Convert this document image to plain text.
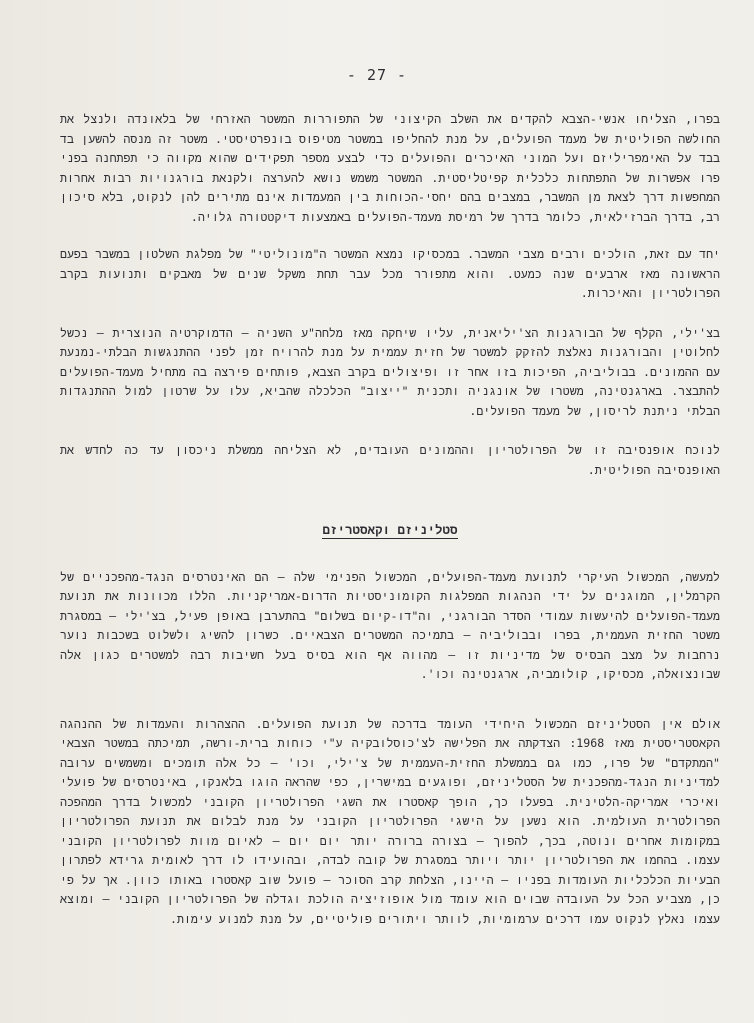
- 27 -

בפרו, הצליחו אנשי-הצבא להקדים את השלב הקיצוני של התפוררות המשטר האזרחי של בלאונדה ולנצל את החולשה הפוליטית של מעמד הפועלים, על מנת להחליפו במשטר מטיפוס בונפרטיסטי. משטר זה מנסה להשען בד בבד על האימפריליזם ועל המוני האיכרים והפועלים כדי לבצע מספר תפקידים שהוא מקווה כי תפתחנה בפני פרו אפשרות של התפתחות כלכלית קפיטליסטית. המשטר משמש נושא להערצה ולקנאת בורגנויות רבות אחרות המחפשות דרך לצאת מן המשבר, במצבים בהם יחסי-הכוחות בין המעמדות אינם מתירים להן לנקוט, בלא סיכון רב, בדרך הברזילאית, כלומר בדרך של רמיסת מעמד-הפועלים באמצעות דיקטטורה גלויה.

יחד עם זאת, הולכים ורבים מצבי המשבר. במכסיקו נמצא המשטר ה"מונוליטי" של מפלגת השלטון במשבר בפעם הראשונה מאז ארבעים שנה כמעט. והוא מתפורר מכל עבר תחת משקל שנים של מאבקים ותנועות בקרב הפרולטריון והאיכרות.

בצ'ילי, הקלף של הבורגנות הצ'יליאנית, עליו שיחקה מאז מלחה"ע השניה – הדמוקרטיה הנוצרית – נכשל לחלוטין והבורגנות נאלצת להזקק למשטר של חזית עממית על מנת להרויח זמן לפני ההתנגשות הבלתי-נמנעת עם ההמונים. בבוליביה, הפיכות בזו אחר זו ופיצולים בקרב הצבא, פותחים פירצה בה מתחיל מעמד-הפועלים להתבצר. בארגנטינה, משטרו של אונגניה ותכנית "ייצוב" הכלכלה שהביא, עלו על שרטון למול ההתנגדות הבלתי ניתנת לריסון, של מעמד הפועלים.

לנוכח אופנסיבה זו של הפרולטריון וההמונים העובדים, לא הצליחה ממשלת ניכסון עד כה לחדש את האופנסיבה הפוליטית.

סטליניזם וקאסטריזם

למעשה, המכשול העיקרי לתנועת מעמד-הפועלים, המכשול הפנימי שלה – הם האינטרסים הנגד-מהפכניים של הקרמלין, המוגנים על ידי הנהגות המפלגות הקומוניסטיות הדרום-אמריקניות. הללו מכוונות את תנועת מעמד-הפועלים להיעשות עמודי הסדר הבורגני, וה"דו-קיום בשלום" בהתערבן באופן פעיל, בצ'ילי – במסגרת משטר החזית העממית, בפרו ובבוליביה – בתמיכה המשטרים הצבאיים. כשרון להשיג ולשלוט בשכבות נוער נרחבות על מצב הבסיס של מדיניות זו – מהווה אף הוא בסיס בעל חשיבות רבה למשטרים כגון אלה שבונצואלה, מכסיקו, קולומביה, ארגנטינה וכו'.

אולם אין הסטליניזם המכשול היחידי העומד בדרכה של תנועת הפועלים. ההצהרות והעמדות של ההנהגה הקאסטריסטית מאז 1968: הצדקתה את הפלישה לצ'כוסלובקיה ע"י כוחות ברית-ורשה, תמיכתה במשטר הצבאי "המתקדם" של פרו, כמו גם בממשלת החזית-העממית של צ'ילי, וכו' – כל אלה תומכים ומשמשים ערובה למדיניות הנגד-מהפכנית של הסטליניזם, ופוגעים במישרין, כפי שהראה הוגו בלאנקו, באינטרסים של פועלי ואיכרי אמריקה-הלטינית. בפעלו כך, הופך קאסטרו את השגי הפרולטריון הקובני למכשול בדרך המהפכה הפרולטרית העולמית. הוא נשען על הישגי הפרולטריון הקובני על מנת לבלום את תנועת הפרולטריון במקומות אחרים ונוטה, בכך, להפוך – בצורה ברורה יותר יום יום – לאיום מוות לפרולטריון הקובני עצמו. בהחמו את הפרולטריון יותר ויותר במסגרת של קובה לבדה, ובהועידו לו דרך לאומית גרידא לפתרון הבעיות הכלכליות העומדות בפניו – היינו, הצלחת קרב הסוכר – פועל שוב קאסטרו באותו כוון. אך על פי כן, מצביע הכל על העובדה שבוים הוא עומד מול אופוזיציה הולכת וגדלה של הפרולטריון הקובני – ומוצא עצמו נאלץ לנקוט עמו דרכים ערמומיות, לוותר ויתורים פוליטיים, על מנת למנוע עימות.
